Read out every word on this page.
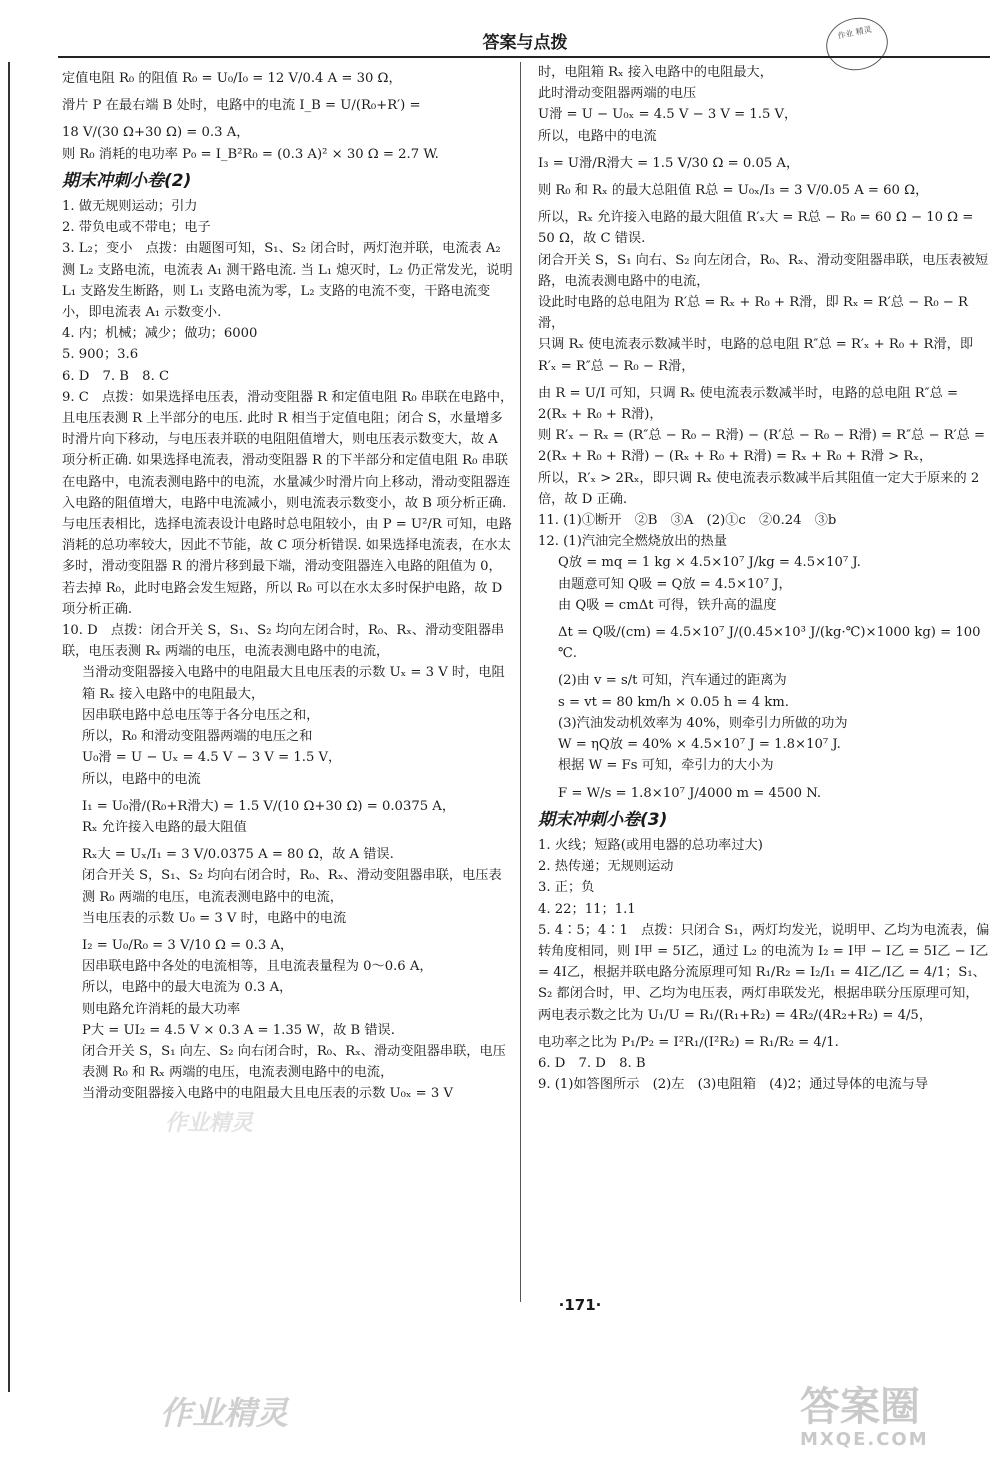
答案与点拨
作业 精灵

定值电阻 R₀ 的阻值 R₀ = U₀/I₀ = 12 V/0.4 A = 30 Ω，

滑片 P 在最右端 B 处时，电路中的电流 I_B = U/(R₀+R′) =

18 V/(30 Ω+30 Ω) = 0.3 A，

则 R₀ 消耗的电功率 P₀ = I_B²R₀ = (0.3 A)² × 30 Ω = 2.7 W.

期末冲刺小卷(2)

1. 做无规则运动；引力

2. 带负电或不带电；电子

3. L₂；变小　点拨：由题图可知，S₁、S₂ 闭合时，两灯泡并联，电流表 A₂ 测 L₂ 支路电流，电流表 A₁ 测干路电流. 当 L₁ 熄灭时，L₂ 仍正常发光，说明 L₁ 支路发生断路，则 L₁ 支路电流为零，L₂ 支路的电流不变，干路电流变小，即电流表 A₁ 示数变小.

4. 内；机械；减少；做功；6000

5. 900；3.6

6. D　7. B　8. C

9. C　点拨：如果选择电压表，滑动变阻器 R 和定值电阻 R₀ 串联在电路中，且电压表测 R 上半部分的电压. 此时 R 相当于定值电阻；闭合 S，水量增多时滑片向下移动，与电压表并联的电阻阻值增大，则电压表示数变大，故 A 项分析正确. 如果选择电流表，滑动变阻器 R 的下半部分和定值电阻 R₀ 串联在电路中，电流表测电路中的电流，水量减少时滑片向上移动，滑动变阻器连入电路的阻值增大，电路中电流减小，则电流表示数变小，故 B 项分析正确. 与电压表相比，选择电流表设计电路时总电阻较小，由 P = U²/R 可知，电路消耗的总功率较大，因此不节能，故 C 项分析错误. 如果选择电流表，在水太多时，滑动变阻器 R 的滑片移到最下端，滑动变阻器连入电路的阻值为 0，若去掉 R₀，此时电路会发生短路，所以 R₀ 可以在水太多时保护电路，故 D 项分析正确.

10. D　点拨：闭合开关 S，S₁、S₂ 均向左闭合时，R₀、Rₓ、滑动变阻器串联，电压表测 Rₓ 两端的电压，电流表测电路中的电流，

当滑动变阻器接入电路中的电阻最大且电压表的示数 Uₓ = 3 V 时，电阻箱 Rₓ 接入电路中的电阻最大，

因串联电路中总电压等于各分电压之和，

所以，R₀ 和滑动变阻器两端的电压之和

U₀滑 = U − Uₓ = 4.5 V − 3 V = 1.5 V，

所以，电路中的电流

I₁ = U₀滑/(R₀+R滑大) = 1.5 V/(10 Ω+30 Ω) = 0.0375 A，

Rₓ 允许接入电路的最大阻值

Rₓ大 = Uₓ/I₁ = 3 V/0.0375 A = 80 Ω，故 A 错误.

闭合开关 S，S₁、S₂ 均向右闭合时，R₀、Rₓ、滑动变阻器串联，电压表测 R₀ 两端的电压，电流表测电路中的电流，

当电压表的示数 U₀ = 3 V 时，电路中的电流

I₂ = U₀/R₀ = 3 V/10 Ω = 0.3 A，

因串联电路中各处的电流相等，且电流表量程为 0～0.6 A，

所以，电路中的最大电流为 0.3 A，

则电路允许消耗的最大功率

P大 = UI₂ = 4.5 V × 0.3 A = 1.35 W，故 B 错误.

闭合开关 S，S₁ 向左、S₂ 向右闭合时，R₀、Rₓ、滑动变阻器串联，电压表测 R₀ 和 Rₓ 两端的电压，电流表测电路中的电流，

当滑动变阻器接入电路中的电阻最大且电压表的示数 U₀ₓ = 3 V

时，电阻箱 Rₓ 接入电路中的电阻最大，

此时滑动变阻器两端的电压

U滑 = U − U₀ₓ = 4.5 V − 3 V = 1.5 V，

所以，电路中的电流

I₃ = U滑/R滑大 = 1.5 V/30 Ω = 0.05 A，

则 R₀ 和 Rₓ 的最大总阻值 R总 = U₀ₓ/I₃ = 3 V/0.05 A = 60 Ω，

所以，Rₓ 允许接入电路的最大阻值 R′ₓ大 = R总 − R₀ = 60 Ω − 10 Ω = 50 Ω，故 C 错误.

闭合开关 S，S₁ 向右、S₂ 向左闭合，R₀、Rₓ、滑动变阻器串联，电压表被短路，电流表测电路中的电流，

设此时电路的总电阻为 R′总 = Rₓ + R₀ + R滑，即 Rₓ = R′总 − R₀ − R滑，

只调 Rₓ 使电流表示数减半时，电路的总电阻 R″总 = R′ₓ + R₀ + R滑，即 R′ₓ = R″总 − R₀ − R滑，

由 R = U/I 可知，只调 Rₓ 使电流表示数减半时，电路的总电阻 R″总 = 2(Rₓ + R₀ + R滑)，

则 R′ₓ − Rₓ = (R″总 − R₀ − R滑) − (R′总 − R₀ − R滑) = R″总 − R′总 = 2(Rₓ + R₀ + R滑) − (Rₓ + R₀ + R滑) = Rₓ + R₀ + R滑 > Rₓ，

所以，R′ₓ > 2Rₓ，即只调 Rₓ 使电流表示数减半后其阻值一定大于原来的 2 倍，故 D 正确.

11. (1)①断开　②B　③A　(2)①c　②0.24　③b

12. (1)汽油完全燃烧放出的热量

Q放 = mq = 1 kg × 4.5×10⁷ J/kg = 4.5×10⁷ J.

由题意可知 Q吸 = Q放 = 4.5×10⁷ J，

由 Q吸 = cmΔt 可得，铁升高的温度

Δt = Q吸/(cm) = 4.5×10⁷ J/(0.45×10³ J/(kg·℃)×1000 kg) = 100 ℃.

(2)由 v = s/t 可知，汽车通过的距离为

s = vt = 80 km/h × 0.05 h = 4 km.

(3)汽油发动机效率为 40%，则牵引力所做的功为

W = ηQ放 = 40% × 4.5×10⁷ J = 1.8×10⁷ J.

根据 W = Fs 可知，牵引力的大小为

F = W/s = 1.8×10⁷ J/4000 m = 4500 N.

期末冲刺小卷(3)

1. 火线；短路(或用电器的总功率过大)

2. 热传递；无规则运动

3. 正；负

4. 22；11；1.1

5. 4∶5；4∶1　点拨：只闭合 S₁，两灯均发光，说明甲、乙均为电流表，偏转角度相同，则 I甲 = 5I乙，通过 L₂ 的电流为 I₂ = I甲 − I乙 = 5I乙 − I乙 = 4I乙，根据并联电路分流原理可知 R₁/R₂ = I₂/I₁ = 4I乙/I乙 = 4/1；S₁、S₂ 都闭合时，甲、乙均为电压表，两灯串联发光，根据串联分压原理可知，两电表示数之比为 U₁/U = R₁/(R₁+R₂) = 4R₂/(4R₂+R₂) = 4/5，

电功率之比为 P₁/P₂ = I²R₁/(I²R₂) = R₁/R₂ = 4/1.

6. D　7. D　8. B

9. (1)如答图所示　(2)左　(3)电阻箱　(4)2；通过导体的电流与导

·171·
作业精灵
作业精灵	答案圈
MXQE.COM
